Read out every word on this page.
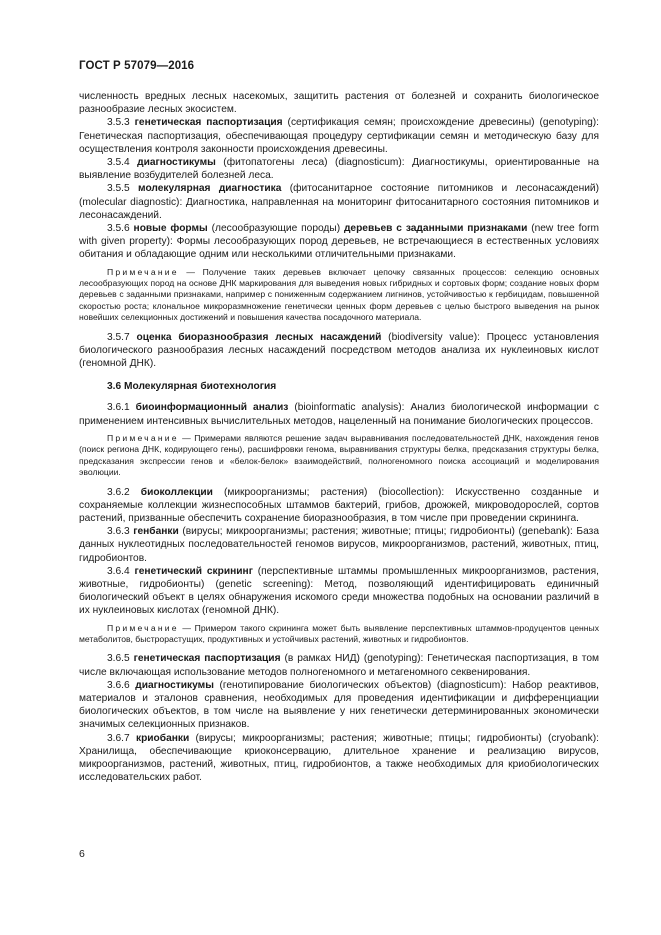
ГОСТ Р 57079—2016

численность вредных лесных насекомых, защитить растения от болезней и сохранить биологическое разнообразие лесных экосистем.

3.5.3 генетическая паспортизация (сертификация семян; происхождение древесины) (genotyping): Генетическая паспортизация, обеспечивающая процедуру сертификации семян и методическую базу для осуществления контроля законности происхождения древесины.

3.5.4 диагностикумы (фитопатогены леса) (diagnosticum): Диагностикумы, ориентированные на выявление возбудителей болезней леса.

3.5.5 молекулярная диагностика (фитосанитарное состояние питомников и лесонасаждений) (molecular diagnostic): Диагностика, направленная на мониторинг фитосанитарного состояния питомников и лесонасаждений.

3.5.6 новые формы (лесообразующие породы) деревьев с заданными признаками (new tree form with given property): Формы лесообразующих пород деревьев, не встречающиеся в естественных условиях обитания и обладающие одним или несколькими отличительными признаками.

Примечание — Получение таких деревьев включает цепочку связанных процессов: селекцию основных лесообразующих пород на основе ДНК маркирования для выведения новых гибридных и сортовых форм; создание новых форм деревьев с заданными признаками, например с пониженным содержанием лигнинов, устойчивостью к гербицидам, повышенной скоростью роста; клональное микроразмножение генетически ценных форм деревьев с целью быстрого выведения на рынок новейших селекционных достижений и повышения качества посадочного материала.

3.5.7 оценка биоразнообразия лесных насаждений (biodiversity value): Процесс установления биологического разнообразия лесных насаждений посредством методов анализа их нуклеиновых кислот (геномной ДНК).

3.6 Молекулярная биотехнология

3.6.1 биоинформационный анализ (bioinformatic analysis): Анализ биологической информации с применением интенсивных вычислительных методов, нацеленный на понимание биологических процессов.

Примечание — Примерами являются решение задач выравнивания последовательностей ДНК, нахождения генов (поиск региона ДНК, кодирующего гены), расшифровки генома, выравнивания структуры белка, предсказания структуры белка, предсказания экспрессии генов и «белок-белок» взаимодействий, полногеномного поиска ассоциаций и моделирования эволюции.

3.6.2 биоколлекции (микроорганизмы; растения) (biocollection): Искусственно созданные и сохраняемые коллекции жизнеспособных штаммов бактерий, грибов, дрожжей, микроводорослей, сортов растений, призванные обеспечить сохранение биоразнообразия, в том числе при проведении скрининга.

3.6.3 генбанки (вирусы; микроорганизмы; растения; животные; птицы; гидробионты) (genebank): База данных нуклеотидных последовательностей геномов вирусов, микроорганизмов, растений, животных, птиц, гидробионтов.

3.6.4 генетический скрининг (перспективные штаммы промышленных микроорганизмов, растения, животные, гидробионты) (genetic screening): Метод, позволяющий идентифицировать единичный биологический объект в целях обнаружения искомого среди множества подобных на основании различий в их нуклеиновых кислотах (геномной ДНК).

Примечание — Примером такого скрининга может быть выявление перспективных штаммов-продуцентов ценных метаболитов, быстрорастущих, продуктивных и устойчивых растений, животных и гидробионтов.

3.6.5 генетическая паспортизация (в рамках НИД) (genotyping): Генетическая паспортизация, в том числе включающая использование методов полногеномного и метагеномного секвенирования.

3.6.6 диагностикумы (генотипирование биологических объектов) (diagnosticum): Набор реактивов, материалов и эталонов сравнения, необходимых для проведения идентификации и дифференциации биологических объектов, в том числе на выявление у них генетически детерминированных экономически значимых селекционных признаков.

3.6.7 криобанки (вирусы; микроорганизмы; растения; животные; птицы; гидробионты) (cryobank): Хранилища, обеспечивающие криоконсервацию, длительное хранение и реализацию вирусов, микроорганизмов, растений, животных, птиц, гидробионтов, а также необходимых для криобиологических исследовательских работ.

6
